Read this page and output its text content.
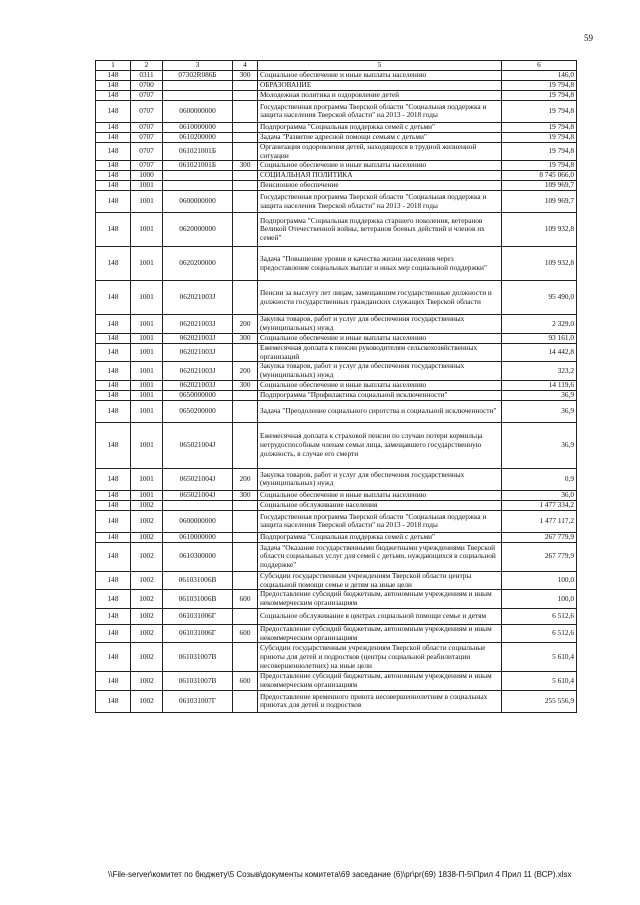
59
1	2	3	4	5	6
148	0311	07302R086Б	300	Социальное обеспечение и иные выплаты населению	146,0
148	0700			ОБРАЗОВАНИЕ	19 794,8
148	0707			Молодежная политика и оздоровление детей	19 794,8
148	0707	0600000000		Государственная программа Тверской области "Социальная поддержка и защита населения Тверской области" на 2013 - 2018 годы	19 794,8
148	0707	0610000000		Подпрограмма "Социальная поддержка семей с детьми"	19 794,8
148	0707	0610200000		Задача "Развитие адресной помощи семьям с детьми"	19 794,8
148	0707	061021001Б		Организация оздоровления детей, находящихся в трудной жизненной ситуации	19 794,8
148	0707	061021001Б	300	Социальное обеспечение и иные выплаты населению	19 794,8
148	1000			СОЦИАЛЬНАЯ ПОЛИТИКА	8 745 066,0
148	1001			Пенсионное обеспечение	109 969,7
148	1001	0600000000		Государственная программа Тверской области "Социальная поддержка и защита населения Тверской области" на 2013 - 2018 годы	109 969,7
148	1001	0620000000		Подпрограмма "Социальная поддержка старшего поколения, ветеранов Великой Отечественной войны, ветеранов боевых действий и членов их семей"	109 932,8
148	1001	0620200000		Задача "Повышение уровня и качества жизни населения через предоставление социальных выплат и иных мер социальной поддержки"	109 932,8
148	1001	062021003J		Пенсии за выслугу лет лицам, замещавшим государственные должности и должности государственных гражданских служащих Тверской области	95 490,0
148	1001	062021003J	200	Закупка товаров, работ и услуг для обеспечения государственных (муниципальных) нужд	2 329,0
148	1001	062021003J	300	Социальное обеспечение и иные выплаты населению	93 161,0
148	1001	062021003J		Ежемесячная доплата к пенсии руководителям сельскохозяйственных организаций	14 442,8
148	1001	062021003J	200	Закупка товаров, работ и услуг для обеспечения государственных (муниципальных) нужд	323,2
148	1001	062021003J	300	Социальное обеспечение и иные выплаты населению	14 119,6
148	1001	0650000000		Подпрограмма "Профилактика социальной исключенности"	36,9
148	1001	0650200000		Задача "Преодоление социального сиротства и социальной исключенности"	36,9
148	1001	065021004J		Ежемесячная доплата к страховой пенсии по случаю потери кормильца нетрудоспособным членам семьи лица, замещавшего государственную должность, в случае его смерти	36,9
148	1001	065021004J	200	Закупка товаров, работ и услуг для обеспечения государственных (муниципальных) нужд	0,9
148	1001	065021004J	300	Социальное обеспечение и иные выплаты населению	36,0
148	1002			Социальное обслуживание населения	1 477 334,2
148	1002	0600000000		Государственная программа Тверской области "Социальная поддержка и защита населения Тверской области" на 2013 - 2018 годы	1 477 117,2
148	1002	0610000000		Подпрограмма "Социальная поддержка семей с детьми"	267 779,9
148	1002	0610300000		Задача "Оказание государственными бюджетными учреждениями Тверской области социальных услуг для семей с детьми, нуждающихся в социальной поддержке"	267 779,9
148	1002	061031006В		Субсидии государственным учреждениям Тверской области центры социальной помощи семье и детям на иные цели	100,0
148	1002	061031006В	600	Предоставление субсидий бюджетным, автономным учреждениям и иным некоммерческим организациям	100,0
148	1002	061031006Г		Социальное обслуживание в центрах социальной помощи семье и детям	6 512,6
148	1002	061031006Г	600	Предоставление субсидий бюджетным, автономным учреждениям и иным некоммерческим организациям	6 512,6
148	1002	061031007В		Субсидии государственным учреждениям Тверской области социальные приюты для детей и подростков (центры социальной реабилитации несовершеннолетних) на иные цели	5 610,4
148	1002	061031007В	600	Предоставление субсидий бюджетным, автономным учреждениям и иным некоммерческим организациям	5 610,4
148	1002	061031007Г		Предоставление временного приюта несовершеннолетним в социальных приютах для детей и подростков	255 556,9
\\File-server\комитет по бюджету\5 Созыв\документы комитета\69 заседание (6)\pr\pr(69) 1838-П-5\Прил 4 Прил 11 (ВСР).xlsx
